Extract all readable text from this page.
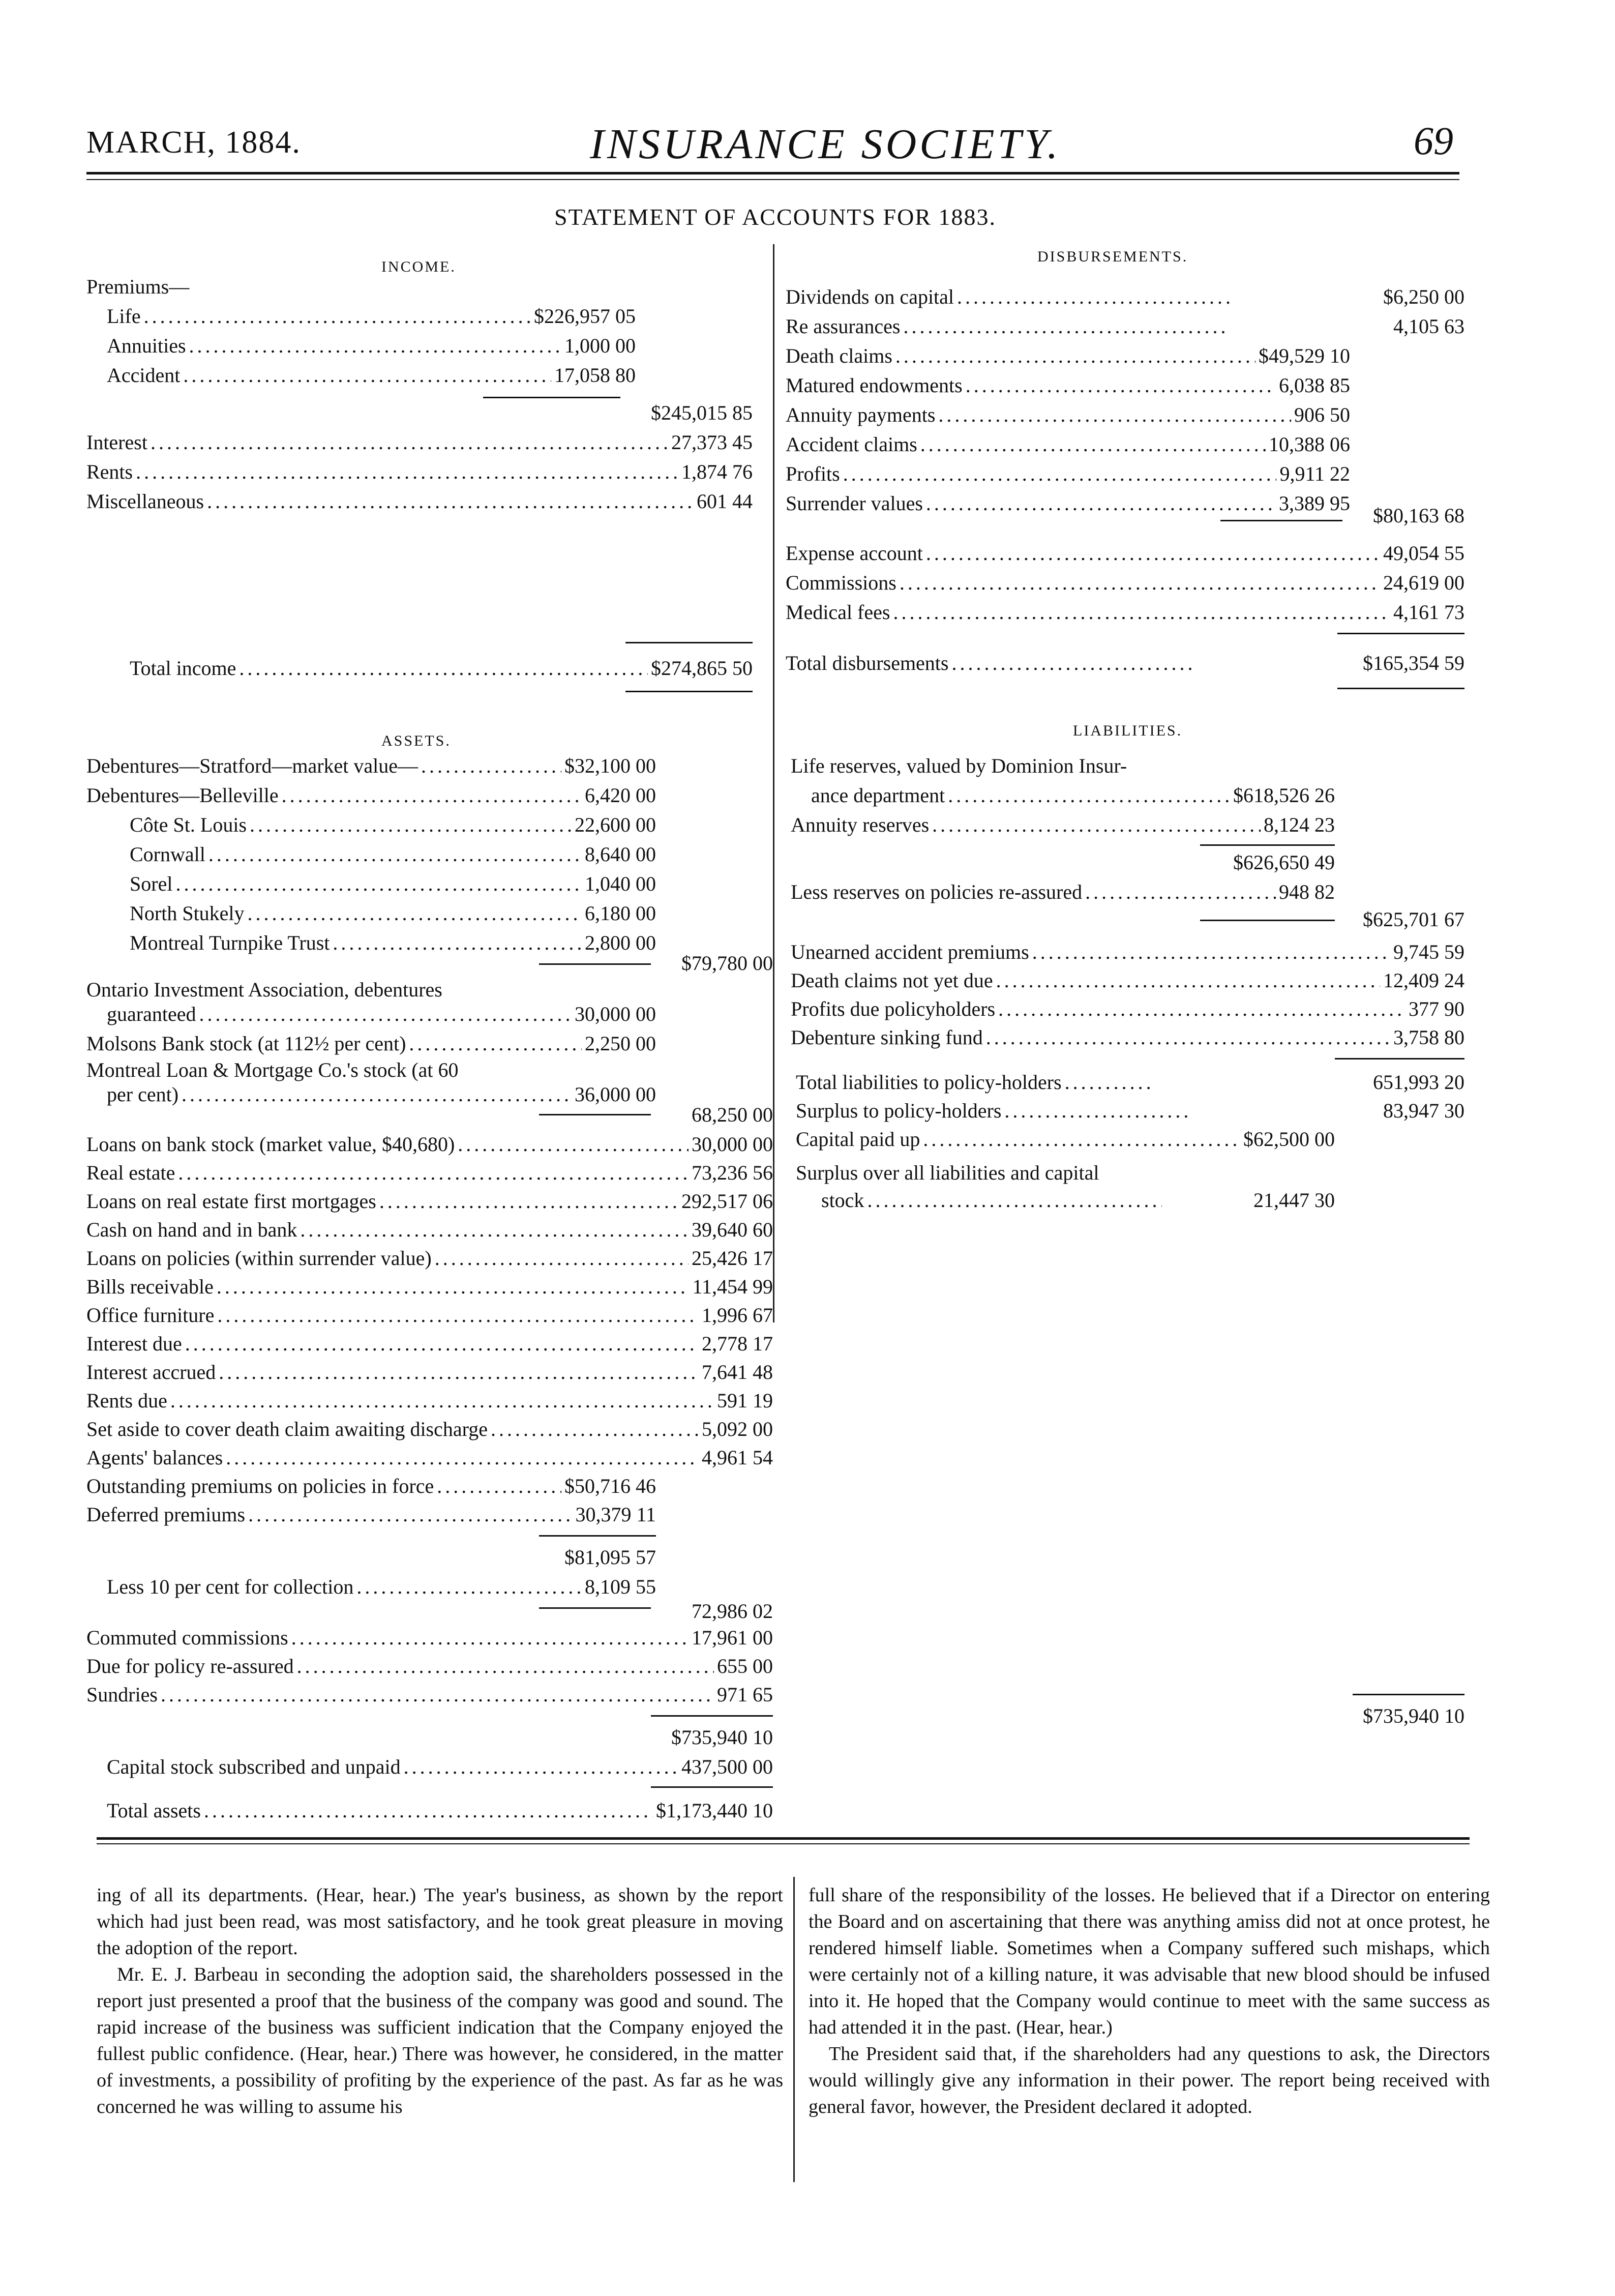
MARCH, 1884.	INSURANCE SOCIETY.	69
STATEMENT OF ACCOUNTS FOR 1883.
INCOME.
Premiums—
Life .....	$226,957 05
Annuities .....	1,000 00
Accident .....	17,058 80
$245,015 85
Interest .....	27,373 45
Rents .....	1,874 76
Miscellaneous .....	601 44
Total income .....	$274,865 50
DISBURSEMENTS.
Dividends on capital .....	$6,250 00
Re assurances .....	4,105 63
Death claims .....	$49,529 10
Matured endowments .....	6,038 85
Annuity payments .....	906 50
Accident claims .....	10,388 06
Profits .....	9,911 22
Surrender values .....	3,389 95
$80,163 68
Expense account .....	49,054 55
Commissions .....	24,619 00
Medical fees .....	4,161 73
Total disbursements .....	$165,354 59
ASSETS.
Debentures—Stratford—market value— .....	$32,100 00
Debentures—Belleville .....	6,420 00
Côte St. Louis .....	22,600 00
Cornwall .....	8,640 00
Sorel .....	1,040 00
North Stukely .....	6,180 00
Montreal Turnpike Trust .....	2,800 00
$79,780 00
Ontario Investment Association, debentures
guaranteed .....	30,000 00
Molsons Bank stock (at 112½ per cent) .....	2,250 00
Montreal Loan & Mortgage Co.'s stock (at 60
per cent) .....	36,000 00
68,250 00
Loans on bank stock (market value, $40,680) .....	30,000 00
Real estate .....	73,236 56
Loans on real estate first mortgages .....	292,517 06
Cash on hand and in bank .....	39,640 60
Loans on policies (within surrender value) .....	25,426 17
Bills receivable .....	11,454 99
Office furniture .....	1,996 67
Interest due .....	2,778 17
Interest accrued .....	7,641 48
Rents due .....	591 19
Set aside to cover death claim awaiting discharge .....	5,092 00
Agents' balances .....	4,961 54
Outstanding premiums on policies in force .....	$50,716 46
Deferred premiums .....	30,379 11
$81,095 57
Less 10 per cent for collection .....	8,109 55
72,986 02
Commuted commissions .....	17,961 00
Due for policy re-assured .....	655 00
Sundries .....	971 65
$735,940 10
Capital stock subscribed and unpaid .....	437,500 00
Total assets .....	$1,173,440 10
LIABILITIES.
Life reserves, valued by Dominion Insur-
ance department .....	$618,526 26
Annuity reserves .....	8,124 23
$626,650 49
Less reserves on policies re-assured .....	948 82
$625,701 67
Unearned accident premiums .....	9,745 59
Death claims not yet due .....	12,409 24
Profits due policyholders .....	377 90
Debenture sinking fund .....	3,758 80
Total liabilities to policy-holders .....	651,993 20
Surplus to policy-holders .....	83,947 30
Capital paid up .....	$62,500 00
Surplus over all liabilities and capital
stock .....	21,447 30
$735,940 10

ing of all its departments. (Hear, hear.) The year's business, as shown by the report which had just been read, was most satisfactory, and he took great pleasure in moving the adoption of the report.

Mr. E. J. Barbeau in seconding the adoption said, the shareholders possessed in the report just presented a proof that the business of the company was good and sound. The rapid increase of the business was sufficient indication that the Company enjoyed the fullest public confidence. (Hear, hear.) There was however, he considered, in the matter of investments, a possibility of profiting by the experience of the past. As far as he was concerned he was willing to assume his

full share of the responsibility of the losses. He believed that if a Director on entering the Board and on ascertaining that there was anything amiss did not at once protest, he rendered himself liable. Sometimes when a Company suffered such mishaps, which were certainly not of a killing nature, it was advisable that new blood should be infused into it. He hoped that the Company would continue to meet with the same success as had attended it in the past. (Hear, hear.)

The President said that, if the shareholders had any questions to ask, the Directors would willingly give any information in their power. The report being received with general favor, however, the President declared it adopted.
